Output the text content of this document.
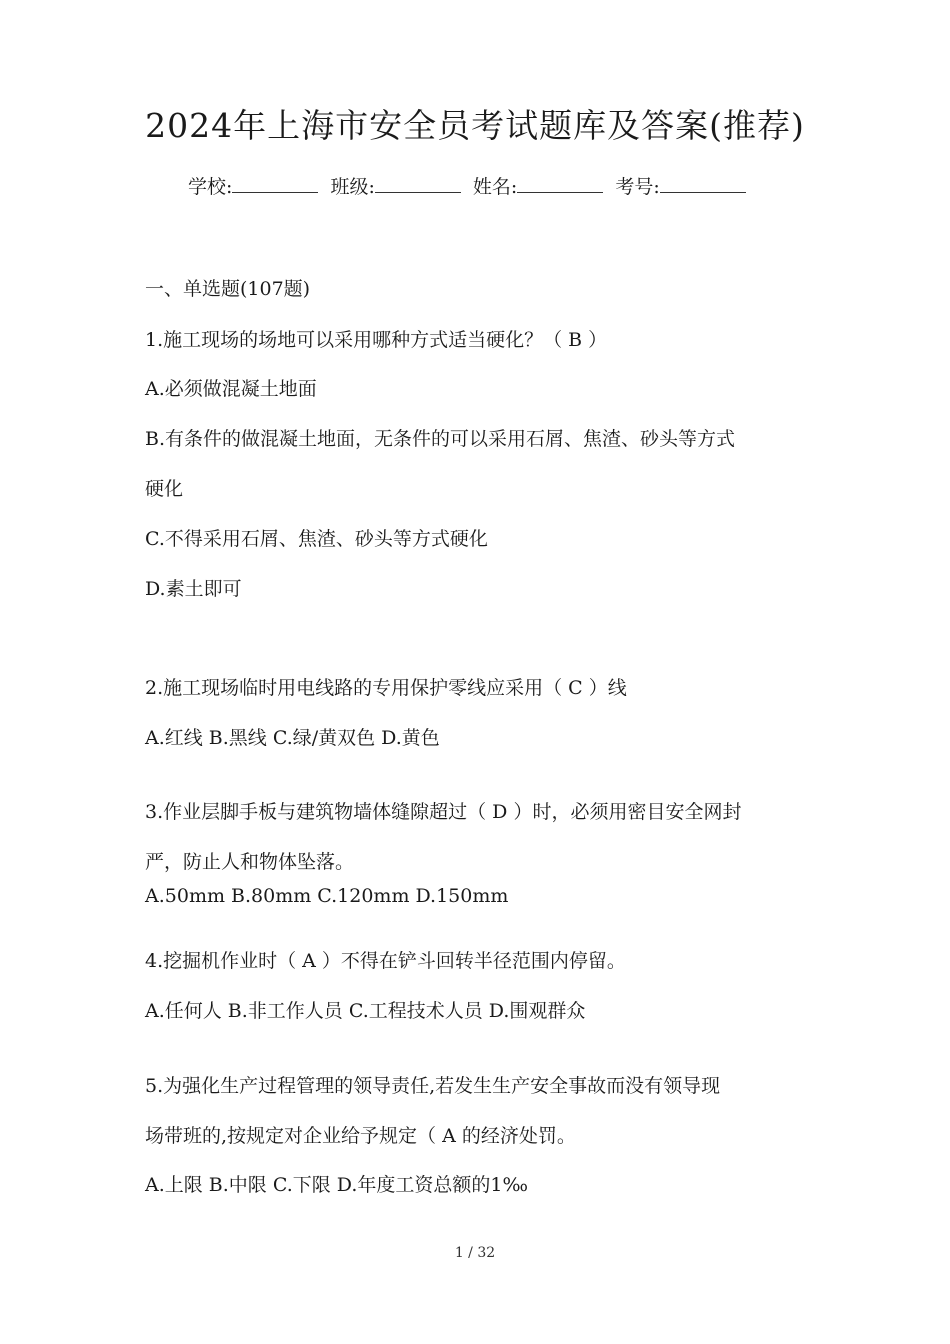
2024年上海市安全员考试题库及答案(推荐)
学校:	班级:	姓名:	考号:
一、单选题(107题)
1.施工现场的场地可以采用哪种方式适当硬化？（ B ）
A.必须做混凝土地面
B.有条件的做混凝土地面，无条件的可以采用石屑、焦渣、砂头等方式
硬化
C.不得采用石屑、焦渣、砂头等方式硬化
D.素土即可
2.施工现场临时用电线路的专用保护零线应采用（ C ）线
A.红线 B.黑线 C.绿/黄双色 D.黄色
3.作业层脚手板与建筑物墙体缝隙超过（ D ）时，必须用密目安全网封
严，防止人和物体坠落。
A.50mm B.80mm C.120mm D.150mm
4.挖掘机作业时（ A ）不得在铲斗回转半径范围内停留。
A.任何人 B.非工作人员 C.工程技术人员 D.围观群众
5.为强化生产过程管理的领导责任,若发生生产安全事故而没有领导现
场带班的,按规定对企业给予规定（ A 的经济处罚。
A.上限 B.中限 C.下限 D.年度工资总额的1‰
1 / 32
